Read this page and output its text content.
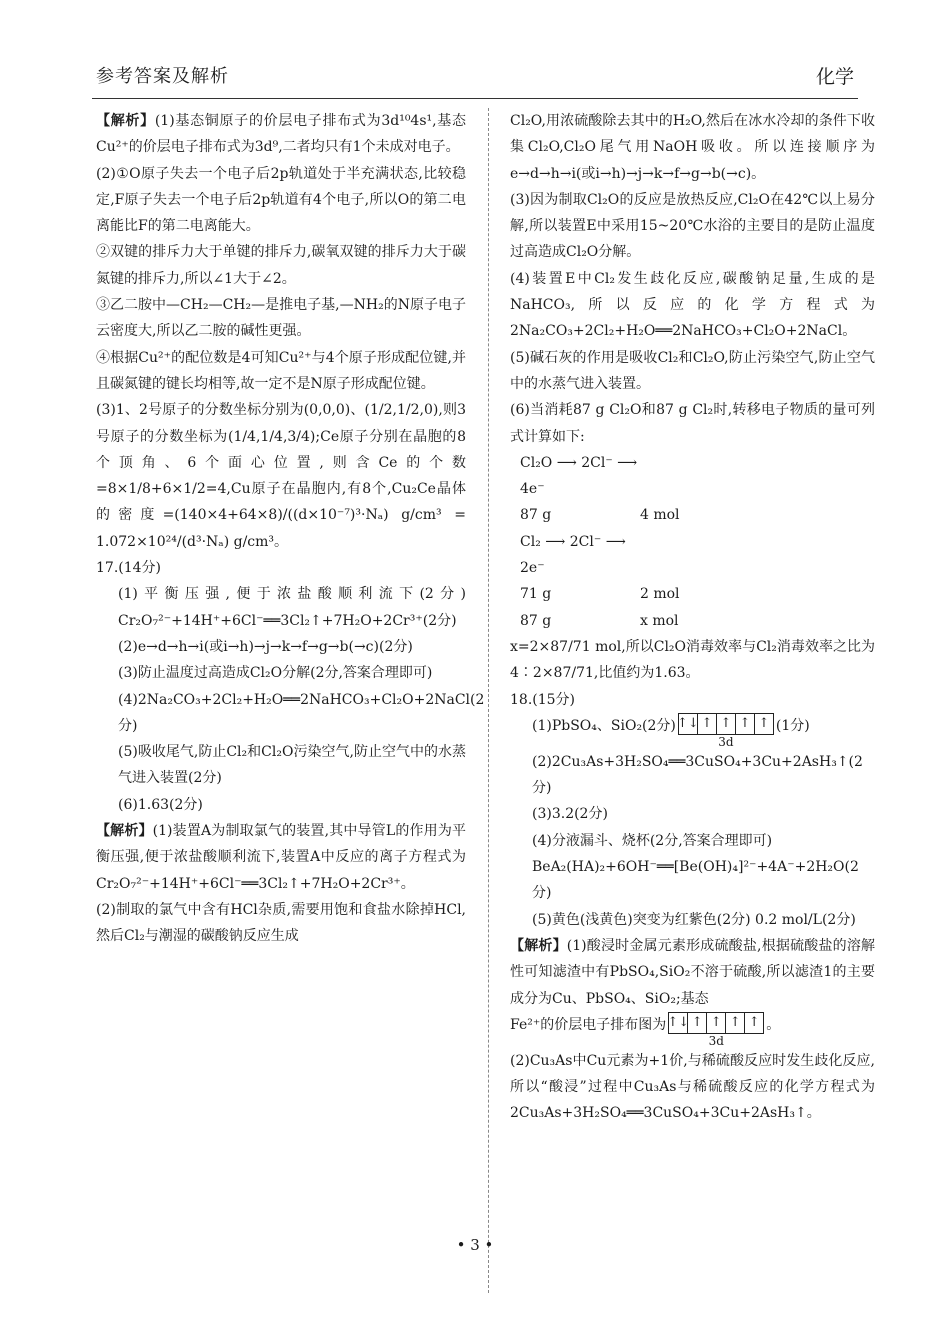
参考答案及解析	化学

【解析】(1)基态铜原子的价层电子排布式为3d¹⁰4s¹,基态Cu²⁺的价层电子排布式为3d⁹,二者均只有1个未成对电子。

(2)①O原子失去一个电子后2p轨道处于半充满状态,比较稳定,F原子失去一个电子后2p轨道有4个电子,所以O的第二电离能比F的第二电离能大。

②双键的排斥力大于单键的排斥力,碳氧双键的排斥力大于碳氮键的排斥力,所以∠1大于∠2。

③乙二胺中—CH₂—CH₂—是推电子基,—NH₂的N原子电子云密度大,所以乙二胺的碱性更强。

④根据Cu²⁺的配位数是4可知Cu²⁺与4个原子形成配位键,并且碳氮键的键长均相等,故一定不是N原子形成配位键。

(3)1、2号原子的分数坐标分别为(0,0,0)、(1/2,1/2,0),则3号原子的分数坐标为(1/4,1/4,3/4);Ce原子分别在晶胞的8个顶角、6个面心位置,则含Ce的个数=8×1/8+6×1/2=4,Cu原子在晶胞内,有8个,Cu₂Ce晶体的密度=(140×4+64×8)/((d×10⁻⁷)³·Nₐ) g/cm³ = 1.072×10²⁴/(d³·Nₐ) g/cm³。

17.(14分)

(1)平衡压强,便于浓盐酸顺利流下(2分) Cr₂O₇²⁻+14H⁺+6Cl⁻══3Cl₂↑+7H₂O+2Cr³⁺(2分)

(2)e→d→h→i(或i→h)→j→k→f→g→b(→c)(2分)

(3)防止温度过高造成Cl₂O分解(2分,答案合理即可)

(4)2Na₂CO₃+2Cl₂+H₂O══2NaHCO₃+Cl₂O+2NaCl(2分)

(5)吸收尾气,防止Cl₂和Cl₂O污染空气,防止空气中的水蒸气进入装置(2分)

(6)1.63(2分)

【解析】(1)装置A为制取氯气的装置,其中导管L的作用为平衡压强,便于浓盐酸顺利流下,装置A中反应的离子方程式为Cr₂O₇²⁻+14H⁺+6Cl⁻══3Cl₂↑+7H₂O+2Cr³⁺。

(2)制取的氯气中含有HCl杂质,需要用饱和食盐水除掉HCl,然后Cl₂与潮湿的碳酸钠反应生成

Cl₂O,用浓硫酸除去其中的H₂O,然后在冰水冷却的条件下收集Cl₂O,Cl₂O尾气用NaOH吸收。所以连接顺序为e→d→h→i(或i→h)→j→k→f→g→b(→c)。

(3)因为制取Cl₂O的反应是放热反应,Cl₂O在42℃以上易分解,所以装置E中采用15~20℃水浴的主要目的是防止温度过高造成Cl₂O分解。

(4)装置E中Cl₂发生歧化反应,碳酸钠足量,生成的是NaHCO₃,所以反应的化学方程式为2Na₂CO₃+2Cl₂+H₂O══2NaHCO₃+Cl₂O+2NaCl。

(5)碱石灰的作用是吸收Cl₂和Cl₂O,防止污染空气,防止空气中的水蒸气进入装置。

(6)当消耗87 g Cl₂O和87 g Cl₂时,转移电子物质的量可列式计算如下:

Cl₂O ⟶ 2Cl⁻ ⟶ 4e⁻
87 g	4 mol
Cl₂ ⟶ 2Cl⁻ ⟶ 2e⁻
71 g	2 mol
87 g	x mol

x=2×87/71 mol,所以Cl₂O消毒效率与Cl₂消毒效率之比为4∶2×87/71,比值约为1.63。

18.(15分)

(1)PbSO₄、SiO₂(2分) ↑↓ ↑ ↑ ↑ ↑
3d
(1分)

(2)2Cu₃As+3H₂SO₄══3CuSO₄+3Cu+2AsH₃↑(2分)

(3)3.2(2分)

(4)分液漏斗、烧杯(2分,答案合理即可)

BeA₂(HA)₂+6OH⁻══[Be(OH)₄]²⁻+4A⁻+2H₂O(2分)

(5)黄色(浅黄色)突变为红紫色(2分) 0.2 mol/L(2分)

【解析】(1)酸浸时金属元素形成硫酸盐,根据硫酸盐的溶解性可知滤渣中有PbSO₄,SiO₂不溶于硫酸,所以滤渣1的主要成分为Cu、PbSO₄、SiO₂;基态

Fe²⁺的价层电子排布图为 ↑↓ ↑ ↑ ↑ ↑
3d
。

(2)Cu₃As中Cu元素为+1价,与稀硫酸反应时发生歧化反应,所以“酸浸”过程中Cu₃As与稀硫酸反应的化学方程式为2Cu₃As+3H₂SO₄══3CuSO₄+3Cu+2AsH₃↑。

• 3 •
